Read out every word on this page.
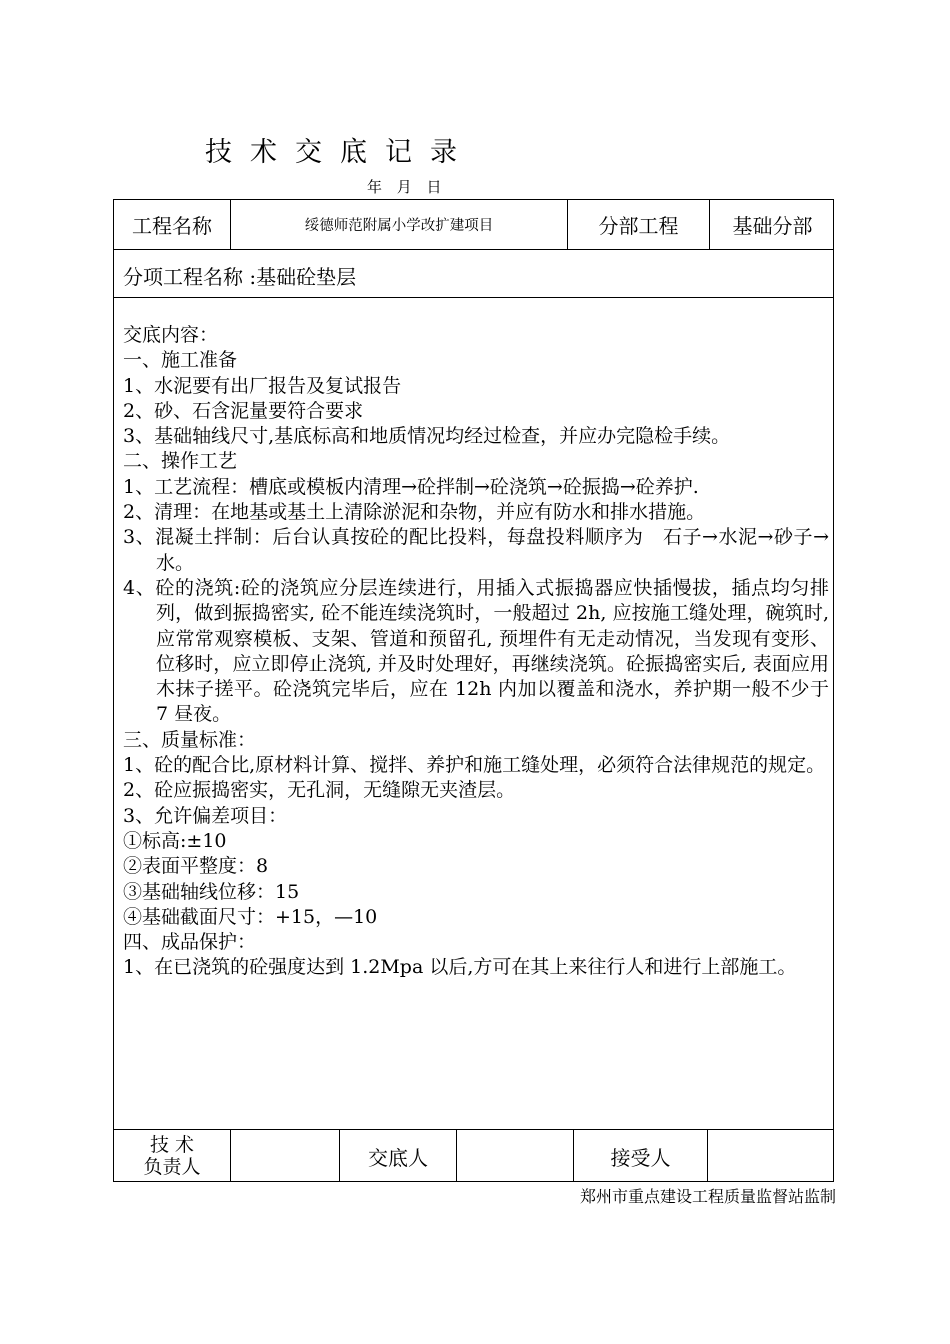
技术交底记录
年 月 日
工程名称	绥德师范附属小学改扩建项目	分部工程	基础分部
分项工程名称 :基础砼垫层

交底内容：

一、施工准备

1、水泥要有出厂报告及复试报告

2、砂、石含泥量要符合要求

3、基础轴线尺寸,基底标高和地质情况均经过检查，并应办完隐检手续。

二、操作工艺

1、工艺流程：槽底或模板内清理→砼拌制→砼浇筑→砼振捣→砼养护.

2、清理：在地基或基土上清除淤泥和杂物，并应有防水和排水措施。

3、混凝土拌制：后台认真按砼的配比投料，每盘投料顺序为　石子→水泥→砂子→水。

4、砼的浇筑:砼的浇筑应分层连续进行，用插入式振捣器应快插慢拔，插点均匀排列，做到振捣密实, 砼不能连续浇筑时，一般超过 2h, 应按施工缝处理，碗筑时, 应常常观察模板、支架、管道和预留孔, 预埋件有无走动情况，当发现有变形、位移时，应立即停止浇筑, 并及时处理好，再继续浇筑。砼振捣密实后, 表面应用木抹子搓平。砼浇筑完毕后，应在 12h 内加以覆盖和浇水，养护期一般不少于 7 昼夜。

三、质量标准：

1、砼的配合比,原材料计算、搅拌、养护和施工缝处理，必须符合法律规范的规定。

2、砼应振捣密实，无孔洞，无缝隙无夹渣层。

3、允许偏差项目：

①标高:±10

②表面平整度：8

③基础轴线位移：15

④基础截面尺寸：+15，—10

四、成品保护：

1、在已浇筑的砼强度达到 1.2Mpa 以后,方可在其上来往行人和进行上部施工。

技 术
负责人	交底人	接受人
郑州市重点建设工程质量监督站监制
